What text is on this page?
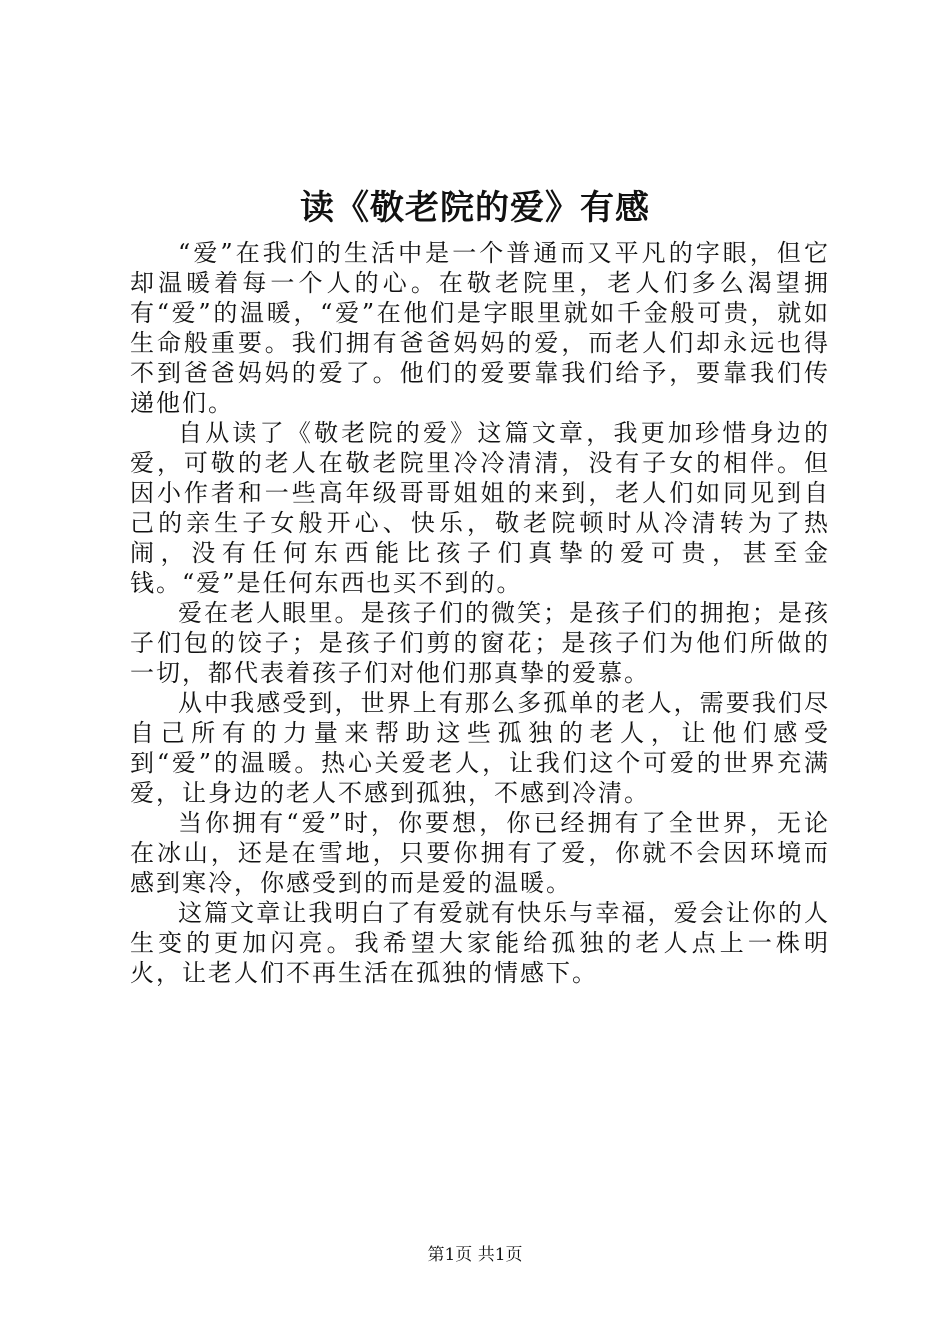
读《敬老院的爱》有感

“爱”在我们的生活中是一个普通而又平凡的字眼，但它却温暖着每一个人的心。在敬老院里，老人们多么渴望拥有“爱”的温暖，“爱”在他们是字眼里就如千金般可贵，就如生命般重要。我们拥有爸爸妈妈的爱，而老人们却永远也得不到爸爸妈妈的爱了。他们的爱要靠我们给予，要靠我们传递他们。

自从读了《敬老院的爱》这篇文章，我更加珍惜身边的爱，可敬的老人在敬老院里冷冷清清，没有子女的相伴。但因小作者和一些高年级哥哥姐姐的来到，老人们如同见到自己的亲生子女般开心、快乐，敬老院顿时从冷清转为了热闹，没有任何东西能比孩子们真挚的爱可贵，甚至金钱。“爱”是任何东西也买不到的。

爱在老人眼里。是孩子们的微笑；是孩子们的拥抱；是孩子们包的饺子；是孩子们剪的窗花；是孩子们为他们所做的一切，都代表着孩子们对他们那真挚的爱慕。

从中我感受到，世界上有那么多孤单的老人，需要我们尽自己所有的力量来帮助这些孤独的老人，让他们感受到“爱”的温暖。热心关爱老人，让我们这个可爱的世界充满爱，让身边的老人不感到孤独，不感到冷清。

当你拥有“爱”时，你要想，你已经拥有了全世界，无论在冰山，还是在雪地，只要你拥有了爱，你就不会因环境而感到寒冷，你感受到的而是爱的温暖。

这篇文章让我明白了有爱就有快乐与幸福，爱会让你的人生变的更加闪亮。我希望大家能给孤独的老人点上一株明火，让老人们不再生活在孤独的情感下。

第1页 共1页
